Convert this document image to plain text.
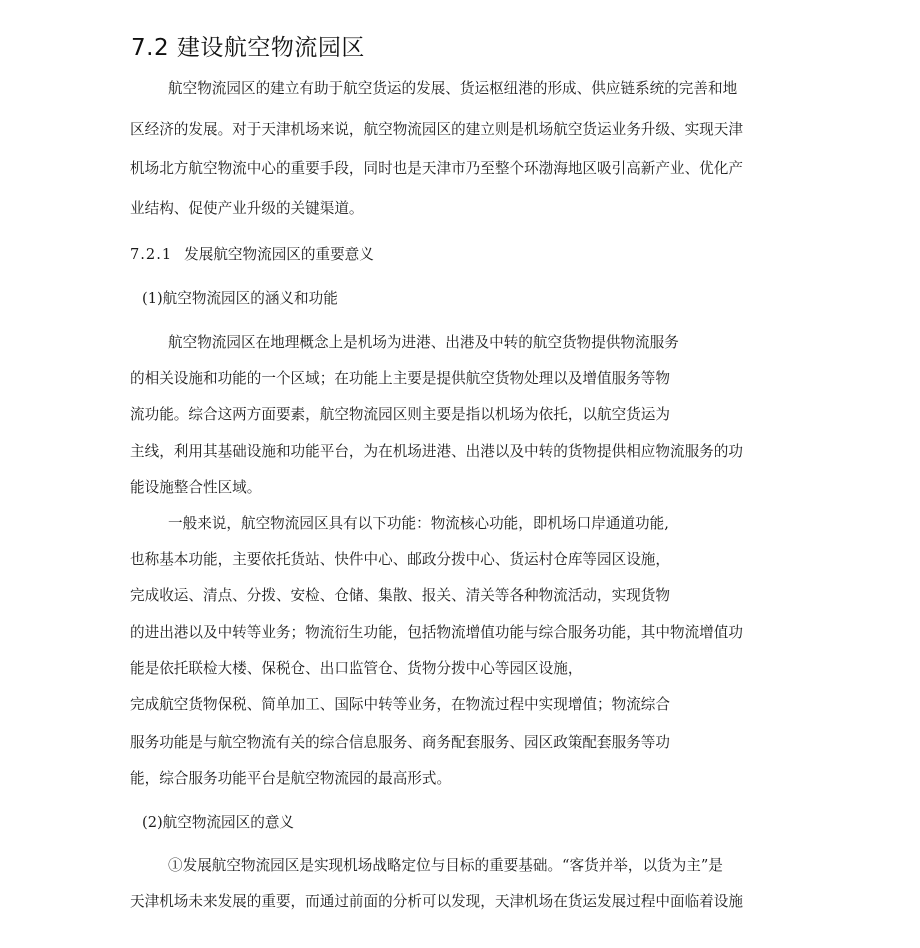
7.2 建设航空物流园区
航空物流园区的建立有助于航空货运的发展、货运枢纽港的形成、供应链系统的完善和地
区经济的发展。对于天津机场来说，航空物流园区的建立则是机场航空货运业务升级、实现天津
机场北方航空物流中心的重要手段，同时也是天津市乃至整个环渤海地区吸引高新产业、优化产
业结构、促使产业升级的关键渠道。
7.2.1 发展航空物流园区的重要意义
(1)航空物流园区的涵义和功能
航空物流园区在地理概念上是机场为进港、出港及中转的航空货物提供物流服务
的相关设施和功能的一个区域；在功能上主要是提供航空货物处理以及增值服务等物
流功能。综合这两方面要素，航空物流园区则主要是指以机场为依托，以航空货运为
主线，利用其基础设施和功能平台，为在机场进港、出港以及中转的货物提供相应物流服务的功
能设施整合性区域。
一般来说，航空物流园区具有以下功能：物流核心功能，即机场口岸通道功能,
也称基本功能，主要依托货站、快件中心、邮政分拨中心、货运村仓库等园区设施，
完成收运、清点、分拨、安检、仓储、集散、报关、清关等各种物流活动，实现货物
的进出港以及中转等业务；物流衍生功能，包括物流增值功能与综合服务功能，其中物流增值功
能是依托联检大楼、保税仓、出口监管仓、货物分拨中心等园区设施，
完成航空货物保税、简单加工、国际中转等业务，在物流过程中实现增值；物流综合
服务功能是与航空物流有关的综合信息服务、商务配套服务、园区政策配套服务等功
能，综合服务功能平台是航空物流园的最高形式。
(2)航空物流园区的意义
①发展航空物流园区是实现机场战略定位与目标的重要基础。“客货并举，以货为主”是
天津机场未来发展的重要，而通过前面的分析可以发现，天津机场在货运发展过程中面临着设施
